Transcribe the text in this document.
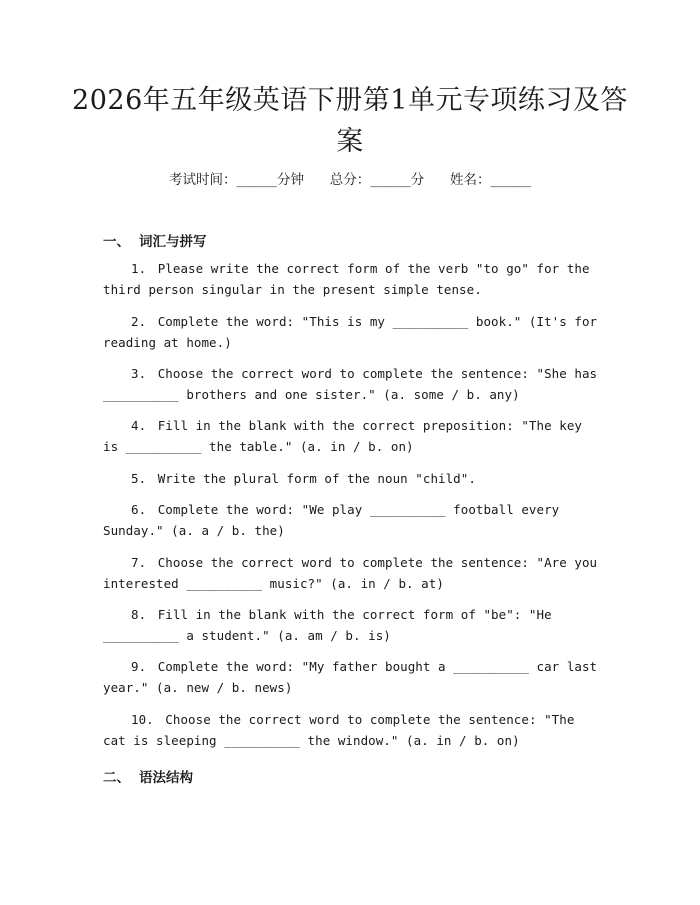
2026年五年级英语下册第1单元专项练习及答案
考试时间：______分钟      总分：______分      姓名：______
一、 词汇与拼写

1. Please write the correct form of the verb "to go" for the third person singular in the present simple tense.

2. Complete the word: "This is my __________ book." (It's for reading at home.)

3. Choose the correct word to complete the sentence: "She has __________ brothers and one sister." (a. some / b. any)

4. Fill in the blank with the correct preposition: "The key is __________ the table." (a. in / b. on)

5. Write the plural form of the noun "child".

6. Complete the word: "We play __________ football every Sunday." (a. a / b. the)

7. Choose the correct word to complete the sentence: "Are you interested __________ music?" (a. in / b. at)

8. Fill in the blank with the correct form of "be": "He __________ a student." (a. am / b. is)

9. Complete the word: "My father bought a __________ car last year." (a. new / b. news)

10. Choose the correct word to complete the sentence: "The cat is sleeping __________ the window." (a. in / b. on)

二、 语法结构
